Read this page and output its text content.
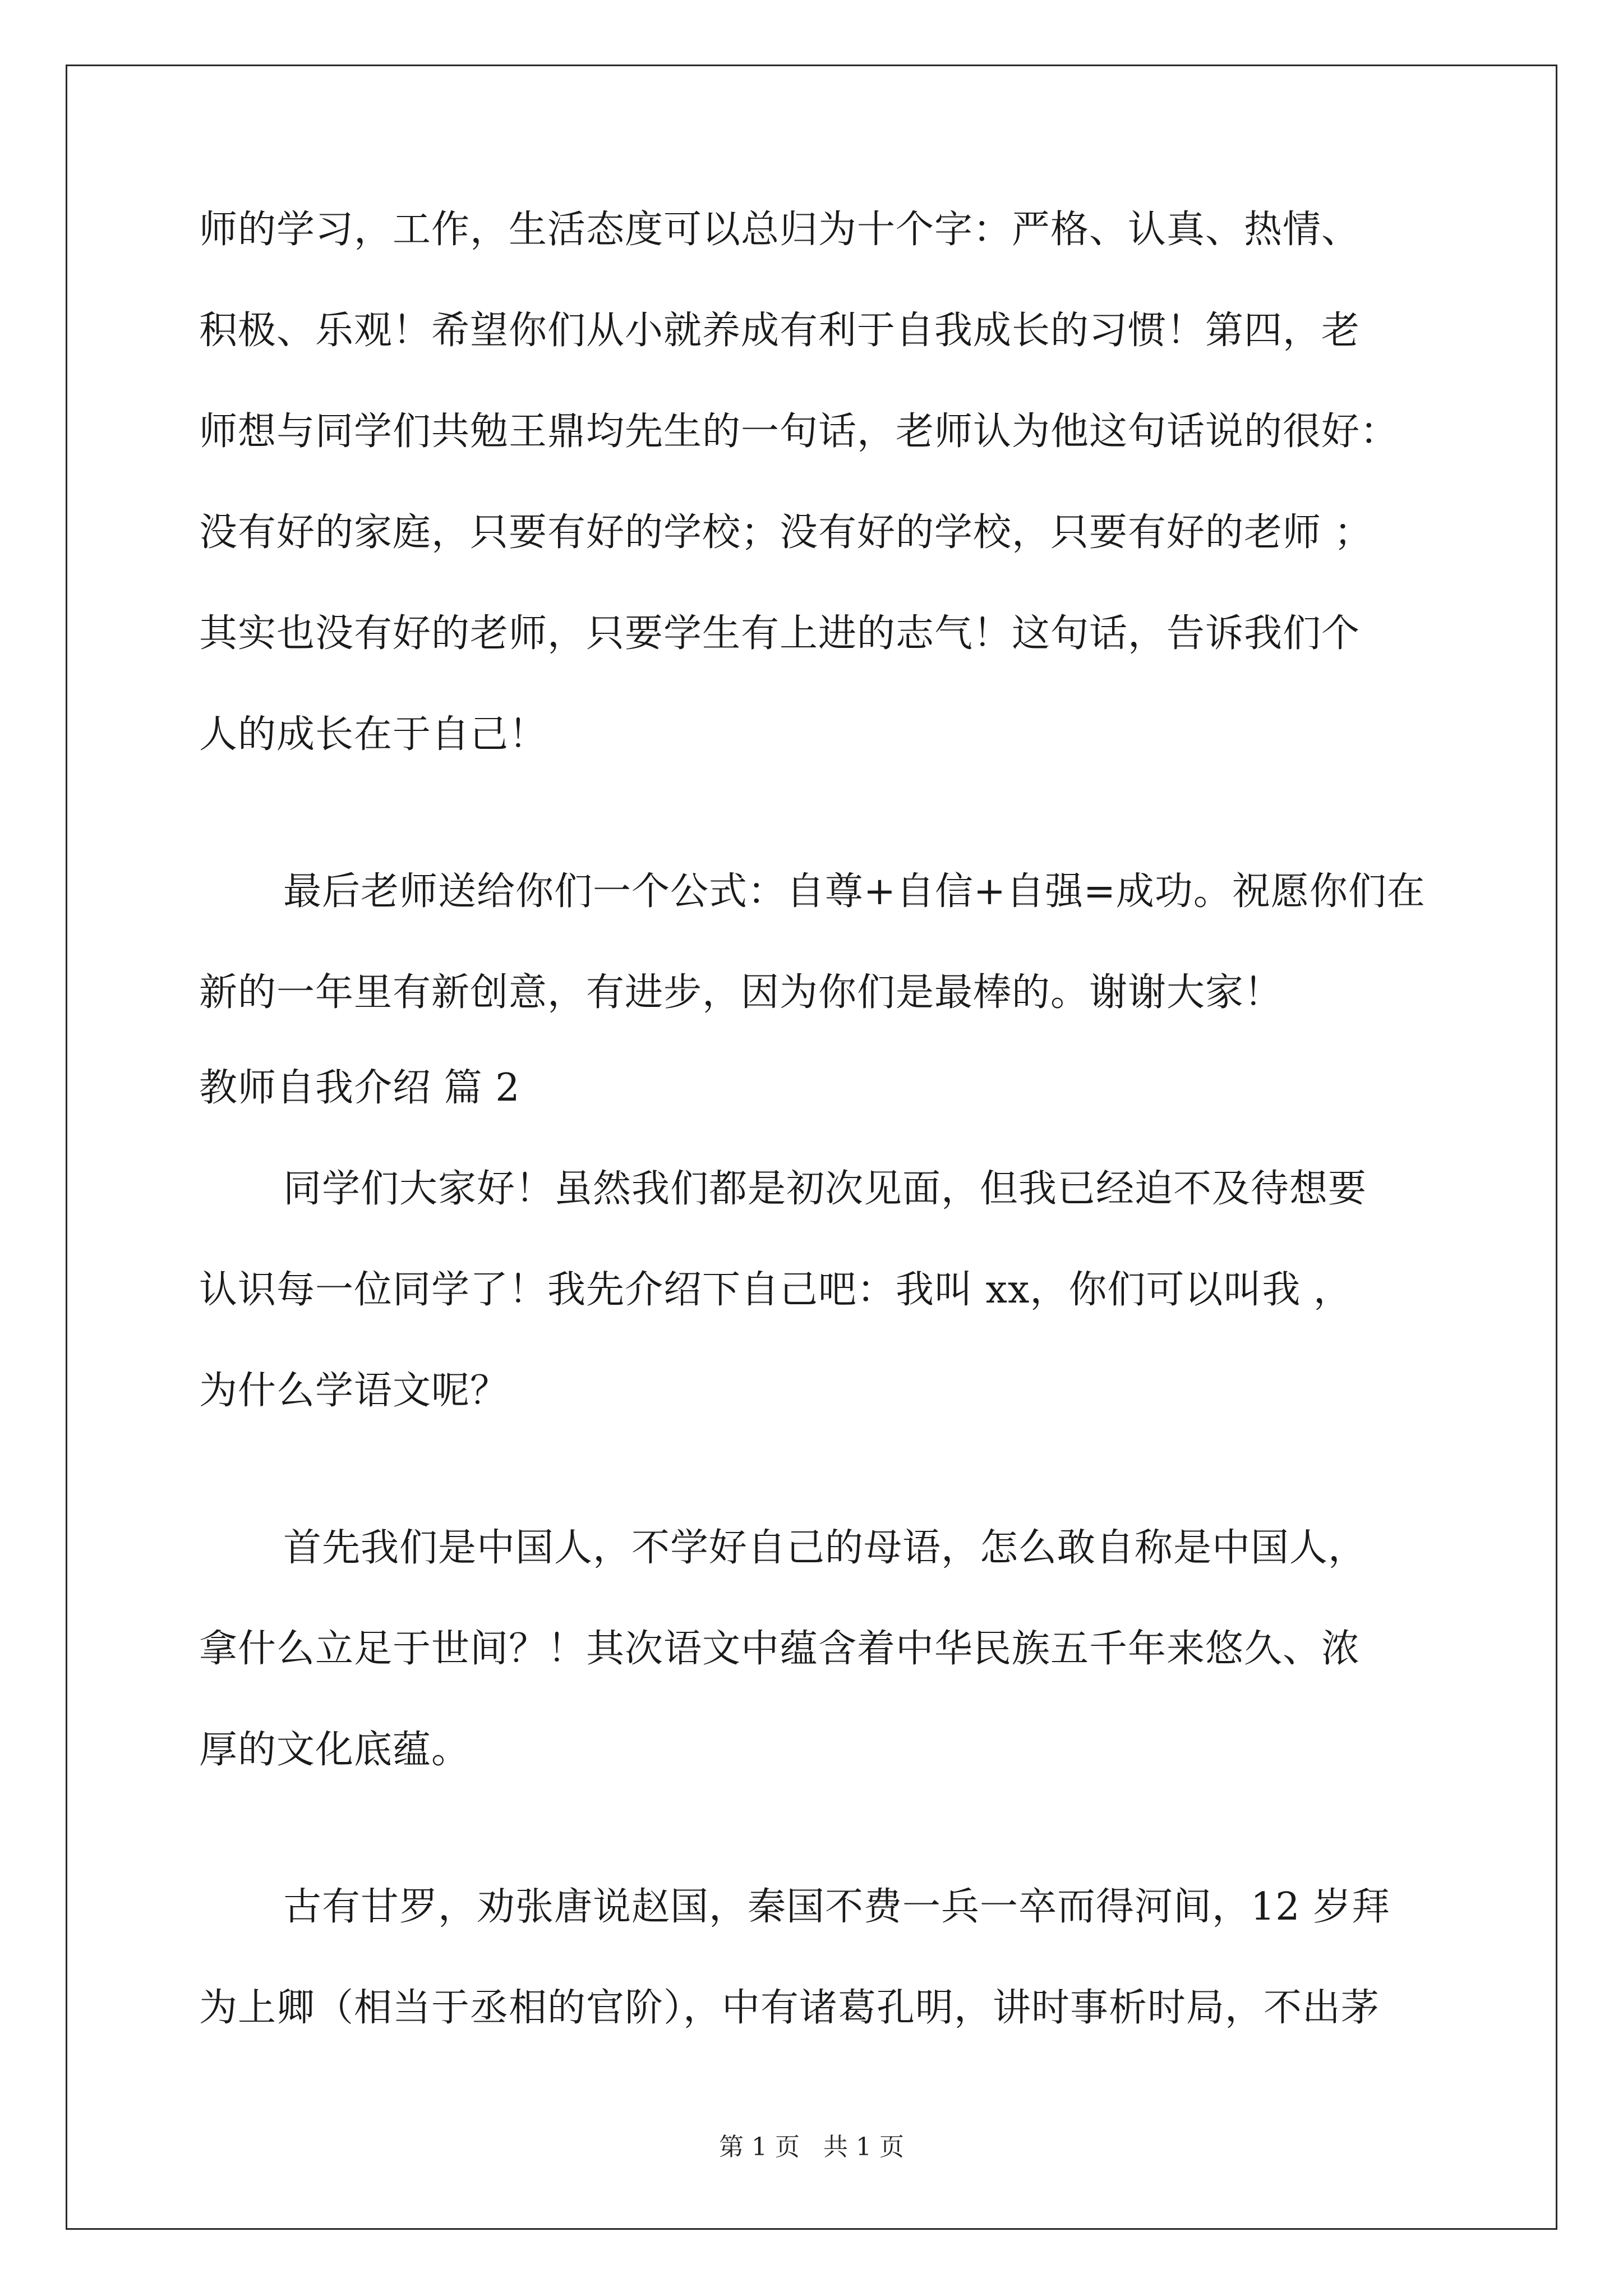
师的学习，工作，生活态度可以总归为十个字：严格、认真、热情、
积极、乐观！希望你们从小就养成有利于自我成长的习惯！第四，老
师想与同学们共勉王鼎均先生的一句话，老师认为他这句话说的很好：
没有好的家庭，只要有好的学校；没有好的学校，只要有好的老师 ；
其实也没有好的老师，只要学生有上进的志气！这句话，告诉我们个
人的成长在于自己！
最后老师送给你们一个公式：自尊+自信+自强=成功。祝愿你们在
新的一年里有新创意，有进步，因为你们是最棒的。谢谢大家！
教师自我介绍 篇 2
同学们大家好！虽然我们都是初次见面，但我已经迫不及待想要
认识每一位同学了！我先介绍下自己吧：我叫 xx，你们可以叫我 ，
为什么学语文呢？
首先我们是中国人，不学好自己的母语，怎么敢自称是中国人，
拿什么立足于世间？！其次语文中蕴含着中华民族五千年来悠久、浓
厚的文化底蕴。
古有甘罗，劝张唐说赵国，秦国不费一兵一卒而得河间，12 岁拜
为上卿（相当于丞相的官阶），中有诸葛孔明，讲时事析时局，不出茅
第 1 页   共 1 页
